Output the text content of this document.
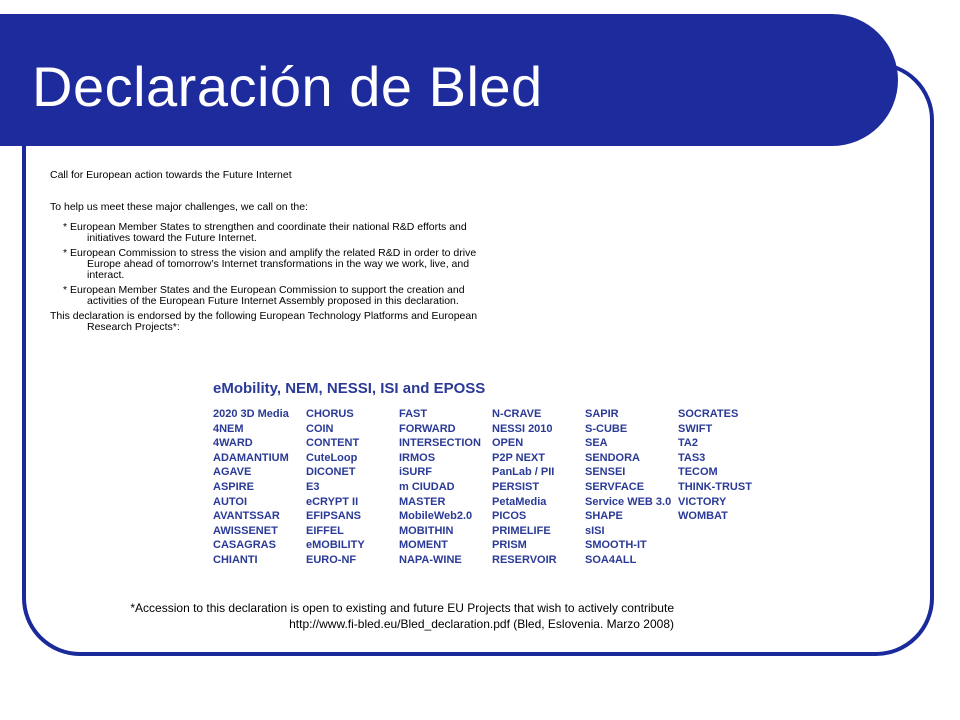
Declaración de Bled

Call for European action towards the Future Internet

To help us meet these major challenges, we call on the:

* European Member States to strengthen and coordinate their national R&D efforts and initiatives toward the Future Internet.

* European Commission to stress the vision and amplify the related R&D in order to drive Europe ahead of tomorrow’s Internet transformations in the way we work, live, and interact.

* European Member States and the European Commission to support the creation and activities of the European Future Internet Assembly proposed in this declaration.

This declaration is endorsed by the following European Technology Platforms and European Research Projects*:

eMobility, NEM, NESSI, ISI and EPOSS

2020 3D Media
4NEM
4WARD
ADAMANTIUM
AGAVE
ASPIRE
AUTOI
AVANTSSAR
AWISSENET
CASAGRAS
CHIANTI
CHORUS
COIN
CONTENT
CuteLoop
DICONET
E3
eCRYPT II
EFIPSANS
EIFFEL
eMOBILITY
EURO-NF
FAST
FORWARD
INTERSECTION
IRMOS
iSURF
m CIUDAD
MASTER
MobileWeb2.0
MOBITHIN
MOMENT
NAPA-WINE
N-CRAVE
NESSI 2010
OPEN
P2P NEXT
PanLab / PII
PERSIST
PetaMedia
PICOS
PRIMELIFE
PRISM
RESERVOIR
SAPIR
S-CUBE
SEA
SENDORA
SENSEI
SERVFACE
Service WEB 3.0
SHAPE
sISI
SMOOTH-IT
SOA4ALL
SOCRATES
SWIFT
TA2
TAS3
TECOM
THINK-TRUST
VICTORY
WOMBAT

*Accession to this declaration is open to existing and future EU Projects that wish to actively contribute

http://www.fi-bled.eu/Bled_declaration.pdf (Bled, Eslovenia. Marzo 2008)
